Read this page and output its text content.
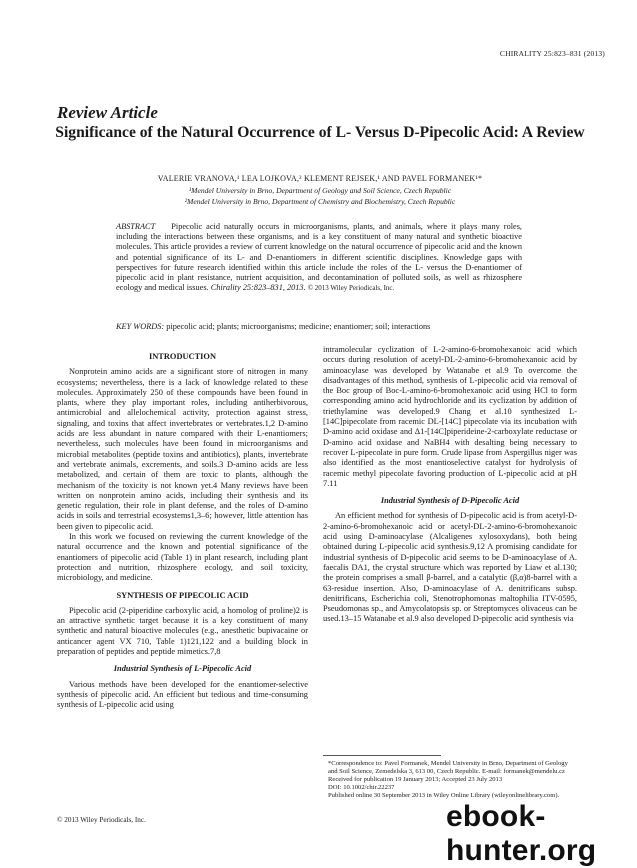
CHIRALITY 25:823–831 (2013)
Review Article
Significance of the Natural Occurrence of L- Versus D-Pipecolic Acid: A Review
VALERIE VRANOVA,¹ LEA LOJKOVA,² KLEMENT REJSEK,¹ AND PAVEL FORMANEK¹*
¹Mendel University in Brno, Department of Geology and Soil Science, Czech Republic
²Mendel University in Brno, Department of Chemistry and Biochemistry, Czech Republic
ABSTRACT Pipecolic acid naturally occurs in microorganisms, plants, and animals, where it plays many roles, including the interactions between these organisms, and is a key constituent of many natural and synthetic bioactive molecules. This article provides a review of current knowledge on the natural occurrence of pipecolic acid and the known and potential significance of its L- and D-enantiomers in different scientific disciplines. Knowledge gaps with perspectives for future research identified within this article include the roles of the L- versus the D-enantiomer of pipecolic acid in plant resistance, nutrient acquisition, and decontamination of polluted soils, as well as rhizosphere ecology and medical issues. Chirality 25:823–831, 2013. © 2013 Wiley Periodicals, Inc.
KEY WORDS: pipecolic acid; plants; microorganisms; medicine; enantiomer; soil; interactions
INTRODUCTION

Nonprotein amino acids are a significant store of nitrogen in many ecosystems; nevertheless, there is a lack of knowledge related to these molecules. Approximately 250 of these compounds have been found in plants, where they play important roles, including antiherbivorous, antimicrobial and allelochemical activity, protection against stress, signaling, and toxins that affect invertebrates or vertebrates.1,2 D-amino acids are less abundant in nature compared with their L-enantiomers; nevertheless, such molecules have been found in microorganisms and microbial metabolites (peptide toxins and antibiotics), plants, invertebrate and vertebrate animals, excrements, and soils.3 D-amino acids are less metabolized, and certain of them are toxic to plants, although the mechanism of the toxicity is not known yet.4 Many reviews have been written on nonprotein amino acids, including their synthesis and its genetic regulation, their role in plant defense, and the roles of D-amino acids in soils and terrestrial ecosystems1,3–6; however, little attention has been given to pipecolic acid.

In this work we focused on reviewing the current knowledge of the natural occurrence and the known and potential significance of the enantiomers of pipecolic acid (Table 1) in plant research, including plant protection and nutrition, rhizosphere ecology, and soil toxicity, microbiology, and medicine.

SYNTHESIS OF PIPECOLIC ACID

Pipecolic acid (2-piperidine carboxylic acid, a homolog of proline)2 is an attractive synthetic target because it is a key constituent of many synthetic and natural bioactive molecules (e.g., anesthetic bupivacaine or anticancer agent VX 710, Table 1)121,122 and a building block in preparation of peptides and peptide mimetics.7,8

Industrial Synthesis of L-Pipecolic Acid

Various methods have been developed for the enantiomer-selective synthesis of pipecolic acid. An efficient but tedious and time-consuming synthesis of L-pipecolic acid using

intramolecular cyclization of L-2-amino-6-bromohexanoic acid which occurs during resolution of acetyl-DL-2-amino-6-bromohexanoic acid by aminoacylase was developed by Watanabe et al.9 To overcome the disadvantages of this method, synthesis of L-pipecolic acid via removal of the Boc group of Boc-L-amino-6-bromohexanoic acid using HCl to form corresponding amino acid hydrochloride and its cyclization by addition of triethylamine was developed.9 Chang et al.10 synthesized L-[14C]pipecolate from racemic DL-[14C] pipecolate via its incubation with D-amino acid oxidase and Δ1-[14C]piperideine-2-carboxylate reductase or D-amino acid oxidase and NaBH4 with desalting being necessary to recover L-pipecolate in pure form. Crude lipase from Aspergillus niger was also identified as the most enantioselective catalyst for hydrolysis of racemic methyl pipecolate favoring production of L-pipecolic acid at pH 7.11

Industrial Synthesis of D-Pipecolic Acid

An efficient method for synthesis of D-pipecolic acid is from acetyl-D-2-amino-6-bromohexanoic acid or acetyl-DL-2-amino-6-bromohexanoic acid using D-aminoacylase (Alcaligenes xylosoxydans), both being obtained during L-pipecolic acid synthesis.9,12 A promising candidate for industrial synthesis of D-pipecolic acid seems to be D-aminoacylase of A. faecalis DA1, the crystal structure which was reported by Liaw et al.130; the protein comprises a small β-barrel, and a catalytic (β,α)8-barrel with a 63-residue insertion. Also, D-aminoacylase of A. denitrificans subsp. denitrificans, Escherichia coli, Stenotrophomonas maltophilia ITV-0595, Pseudomonas sp., and Amycolatopsis sp. or Streptomyces olivaceus can be used.13–15 Watanabe et al.9 also developed D-pipecolic acid synthesis via

*Correspondence to: Pavel Formanek, Mendel University in Brno, Department of Geology and Soil Science, Zemedelska 3, 613 00, Czech Republic. E-mail: formanek@mendelu.cz
Received for publication 19 January 2013; Accepted 23 July 2013
DOI: 10.1002/chir.22237
Published online 30 September 2013 in Wiley Online Library (wileyonlinelibrary.com).
© 2013 Wiley Periodicals, Inc.	ebook-hunter.org
